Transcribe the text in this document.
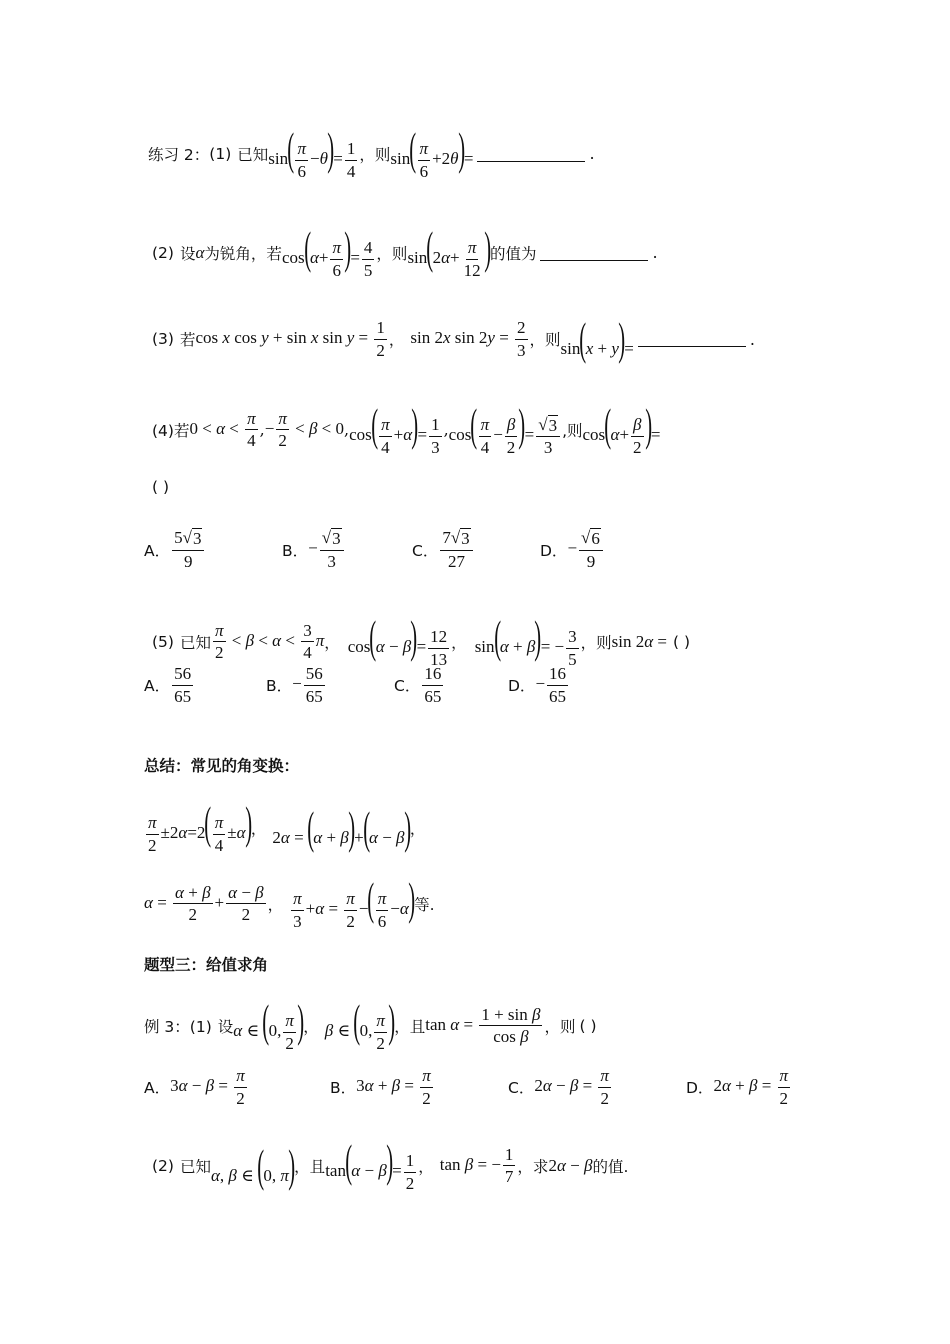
练习 2： (1) 已知 $\sin( \frac{\pi}{6} -\theta)= \frac{1}{4}$ ，则 $\sin( \frac{\pi}{6} +2\theta)=$	.
(2) 设 α 为锐角，若 $\cos(\alpha+ \frac{\pi}{6}$ )= $\frac{4}{5}$ ，则 $\sin(2\alpha+ \frac{\pi}{12}$ ) 的值为	.
(3) 若 cos x cos y + sin x $\sin y = \frac{1}{2}$ ， sin 2x $\sin 2y = \frac{2}{3}$ ，则 sin(x + y)=	.
(4)若 $0 < \alpha < \frac{\pi}{4}$ , − $\frac{\pi}{2} < \beta < 0$ , $\cos( \frac{\pi}{4} +\alpha)= \frac{1}{3}$ , $\cos( \frac{\pi}{4} - \frac{\beta}{2}$ )= $\frac{√ 3}{3}$ ,则 $\cos(\alpha+ \frac{\beta}{2}$ )=
( )
A． $\frac{5√ 3}{9}$	B． − $\frac{√ 3}{3}$	C． $\frac{7√ 3}{27}$	D． − $\frac{√ 6}{9}$
(5) 已知 $\frac{\pi}{2} < \beta < \alpha < \frac{3}{4}$ π ， $\cos(\alpha - \beta)= \frac{12}{13}$ ， $\sin(\alpha + \beta)= - \frac{3}{5}$ ，则 sin 2α = ( )
A． $\frac{56}{65}$	B． − $\frac{56}{65}$	C． $\frac{16}{65}$	D． − $\frac{16}{65}$
总结：常见的角变换：
$\frac{\pi}{2} \pm 2\alpha=2( \frac{\pi}{4} \pm\alpha)$ ， 2α = (α + β)+(α − β) ，
$\alpha = \frac{\alpha + \beta}{2} + \frac{\alpha - \beta}{2}$ ， $\frac{\pi}{3} +\alpha = \frac{\pi}{2}$ −( $\frac{\pi}{6} -\alpha$) 等.
题型三：给值求角
例 3：(1) 设 α ∈ (0, $\frac{\pi}{2}$ ) ， β ∈ (0, $\frac{\pi}{2}$ ) ，且 $\tan \alpha = \frac{\text{1 + sin β}}{\text{cos β}}$ ，则 ( )
A． $3\alpha - \beta = \frac{\pi}{2}$	B． $3\alpha + \beta = \frac{\pi}{2}$	C． $2\alpha - \beta = \frac{\pi}{2}$	D． $2\alpha + \beta = \frac{\pi}{2}$
(2) 已知 α, β ∈ (0, π) ，且 $\tan(\alpha - \beta)= \frac{1}{2}$ ， tan β = − $\frac{1}{7}$ ，求 2α − β 的值.
